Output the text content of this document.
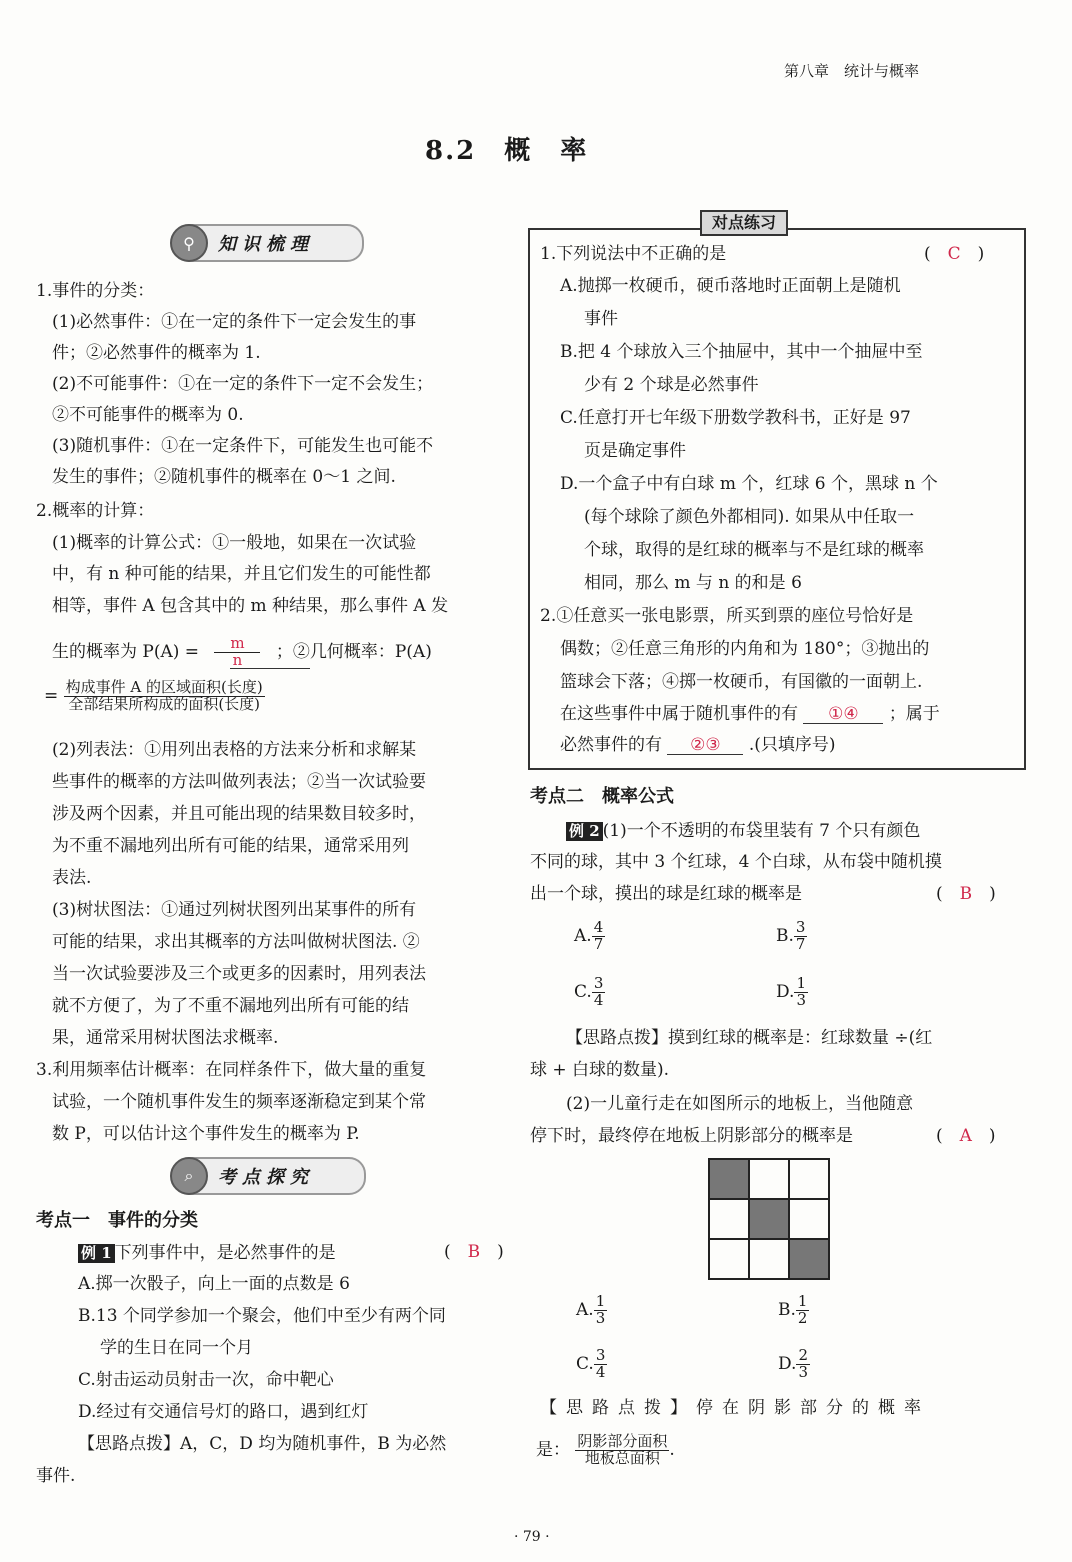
第八章　统计与概率
8.2　概　率
⚲	知识梳理
1.事件的分类：
(1)必然事件：①在一定的条件下一定会发生的事
件；②必然事件的概率为 1.
(2)不可能事件：①在一定的条件下一定不会发生；
②不可能事件的概率为 0.
(3)随机事件：①在一定条件下，可能发生也可能不
发生的事件；②随机事件的概率在 0～1 之间.
2.概率的计算：
(1)概率的计算公式：①一般地，如果在一次试验
中，有 n 种可能的结果，并且它们发生的可能性都
相等，事件 A 包含其中的 m 种结果，那么事件 A 发
生的概率为 $P(A) = \frac{m}{n}$ ；②几何概率：P(A)
= $\frac{\text{构成事件 A 的区域面积(长度)}}{\text{全部结果所构成的面积(长度)}}$
(2)列表法：①用列出表格的方法来分析和求解某
些事件的概率的方法叫做列表法；②当一次试验要
涉及两个因素，并且可能出现的结果数目较多时，
为不重不漏地列出所有可能的结果，通常采用列
表法.
(3)树状图法：①通过列树状图列出某事件的所有
可能的结果，求出其概率的方法叫做树状图法. ②
当一次试验要涉及三个或更多的因素时，用列表法
就不方便了，为了不重不漏地列出所有可能的结
果，通常采用树状图法求概率.
3.利用频率估计概率：在同样条件下，做大量的重复
试验，一个随机事件发生的频率逐渐稳定到某个常
数 P，可以估计这个事件发生的概率为 P.
⌕	考点探究
考点一　事件的分类
例 1 下列事件中，是必然事件的是	(　B　)
A.掷一次骰子，向上一面的点数是 6
B.13 个同学参加一个聚会，他们中至少有两个同
学的生日在同一个月
C.射击运动员射击一次，命中靶心
D.经过有交通信号灯的路口，遇到红灯
【思路点拨】A，C，D 均为随机事件，B 为必然
事件.
对点练习
1.下列说法中不正确的是	(　C　)
A.抛掷一枚硬币，硬币落地时正面朝上是随机
事件
B.把 4 个球放入三个抽屉中，其中一个抽屉中至
少有 2 个球是必然事件
C.任意打开七年级下册数学教科书，正好是 97
页是确定事件
D.一个盒子中有白球 m 个，红球 6 个，黑球 n 个
(每个球除了颜色外都相同). 如果从中任取一
个球，取得的是红球的概率与不是红球的概率
相同，那么 m 与 n 的和是 6
2.①任意买一张电影票，所买到票的座位号恰好是
偶数；②任意三角形的内角和为 180°；③抛出的
篮球会下落；④掷一枚硬币，有国徽的一面朝上.
在这些事件中属于随机事件的有 ①④ ；属于
必然事件的有 ②③ .(只填序号)
考点二　概率公式
例 2 (1)一个不透明的布袋里装有 7 个只有颜色
不同的球，其中 3 个红球，4 个白球，从布袋中随机摸
出一个球，摸出的球是红球的概率是	(　B　)
A. $\frac{4}{7}$	B. $\frac{3}{7}$
C. $\frac{3}{4}$	D. $\frac{1}{3}$
【思路点拨】摸到红球的概率是：红球数量 ÷(红
球 + 白球的数量).
(2)一儿童行走在如图所示的地板上，当他随意
停下时，最终停在地板上阴影部分的概率是	(　A　)

A. $\frac{1}{3}$	B. $\frac{1}{2}$
C. $\frac{3}{4}$	D. $\frac{2}{3}$
【思路点拨】停在阴影部分的概率
是： $\frac{\text{阴影部分面积}}{\text{地板总面积}}$ .
· 79 ·
